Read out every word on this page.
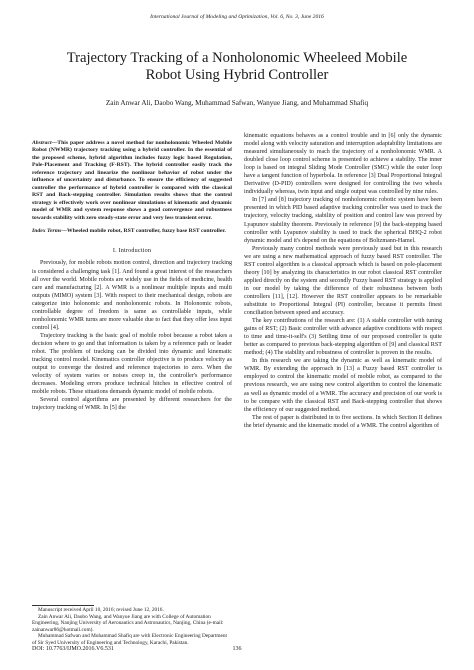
International Journal of Modeling and Optimization, Vol. 6, No. 3, June 2016
Trajectory Tracking of a Nonholonomic Wheeleed Mobile
Robot Using Hybrid Controller
Zain Anwar Ali, Daobo Wang, Muhammad Safwan, Wanyue Jiang, and Muhammad Shafiq

Abstract—This paper address a novel method for nonholonomic Wheeled Mobile Robot (NWMR) trajectory tracking using a hybrid controller. In the essential of the proposed scheme, hybrid algorithm includes fuzzy logic based Regulation, Pole-Placement and Tracking (F-RST). The hybrid controller easily track the reference trajectory and linearize the nonlinear behavior of robot under the influence of uncertainty and disturbance. To ensure the efficiency of suggested controller the performance of hybrid controller is compared with the classical RST and Back-stepping controller. Simulation results shows that the control strategy is effectively work over nonlinear simulations of kinematic and dynamic model of WMR and system response shows a good convergence and robustness towards stability with zero steady-state error and very less transient error.

Index Terms—Wheeled mobile robot, RST controller, fuzzy base RST controller.

I. Introduction

Previously, for mobile robots motion control, direction and trajectory tracking is considered a challenging task [1]. And found a great interest of the researchers all over the world. Mobile robots are widely use in the fields of medicine, health care and manufacturing [2]. A WMR is a nonlinear multiple inputs and multi outputs (MIMO) system [3]. With respect to their mechanical design, robots are categorize into holonomic and nonholonomic robots. In Holonomic robots, controllable degree of freedom is same as controllable inputs, while nonholonomic WMR turns are more valuable due to fact that they offer less input control [4].

Trajectory tracking is the basic goal of mobile robot because a robot takes a decision where to go and that information is taken by a reference path or leader robot. The problem of tracking can be divided into dynamic and kinematic tracking control model. Kinematics controller objective is to produce velocity as output to converge the desired and reference trajectories to zero. When the velocity of system varies or noises creep in, the controller's performance decreases. Modeling errors produce technical hitches in effective control of mobile robots. These situations demands dynamic model of mobile robots.

Several control algorithms are presented by different researchers for the trajectory tracking of WMR. In [5] the

Manuscript received April 10, 2016; revised June 12, 2016.

Zain Anwar Ali, Daobo Wang, and Wanyue Jiang are with College of Automation Engineering, Nanjing University of Aeronautics and Astronautics, Nanjing, China (e-mail: zainanwar86@hotmail.com).

Muhammad Safwan and Muhammad Shafiq are with Electronic Engineering Department of Sir Syed University of Engineering and Technology, Karachi, Pakistan.

kinematic equations behaves as a control trouble and in [6] only the dynamic model along with velocity saturation and interruption adaptability limitations are measured simultaneously to reach the trajectory of a nonholonomic WMR. A doubled close loop control scheme is presented to achieve a stability. The inner loop is based on integral Sliding Mode Controller (SMC) while the outer loop have a tangent function of hyperbola. In reference [3] Dual Proportional Integral Derivative (D-PID) controllers were designed for controlling the two wheels individually whereas, twin input and single output was controlled by nine rules.

In [7] and [8] trajectory tracking of nonholonomic robotic system have been presented in which PID based adaptive tracking controller was used to track the trajectory, velocity tracking, stability of position and control law was proved by Lyapunov stability theorem. Previously in reference [9] the back-stepping based controller with Lyapunov stability is used to track the spherical BHQ-2 robot dynamic model and it's depend on the equations of Boltzmann-Hamel.

Previously many control methods were previously used but in this research we are using a new mathematical approach of fuzzy based RST controller. The RST control algorithm is a classical approach which is based on pole-placement theory [10] by analyzing its characteristics in our robot classical RST controller applied directly on the system and secondly Fuzzy based RST strategy is applied in our model by taking the difference of their robustness between both controllers [11], [12]. However the RST controller appears to be remarkable substitute to Proportional Integral (PI) controller, because it permits finest conciliation between speed and accuracy.

The key contributions of the research are: (1) A stable controller with tuning gains of RST; (2) Basic controller with advance adaptive conditions with respect to time and time-it-self's (3) Settling time of our proposed controller is quite better as compared to previous back-stepping algorithm of [9] and classical RST method; (4) The stability and robustness of controller is proven in the results.

In this research we are taking the dynamic as well as kinematic model of WMR. By extending the approach in [13] a Fuzzy based RST controller is employed to control the kinematic model of mobile robot, as compared to the previous research, we are using new control algorithm to control the kinematic as well as dynamic model of a WMR. The accuracy and precision of our work is to be compare with the classical RST and Back-stepping controller that shows the efficiency of our suggested method.

The rest of paper is distributed in to five sections. In which Section II defines the brief dynamic and the kinematic model of a WMR. The control algorithm of

DOI: 10.7763/IJMO.2016.V6.531	136
